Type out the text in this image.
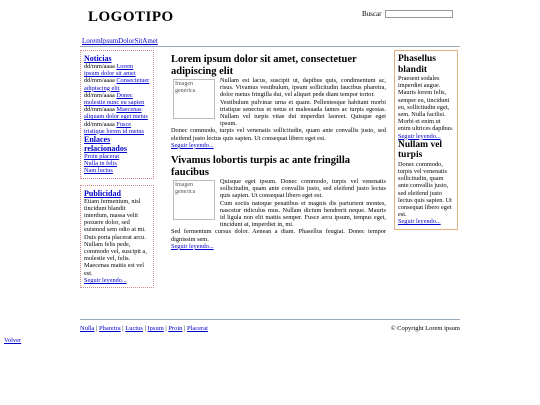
LOGOTIPO	Buscar
LoremIpsumDolorSitAmet
Noticias
dd/mm/aaaa Lorem ipsum dolor sit amet
dd/mm/aaaa Consectetuer adipiscing elit
dd/mm/aaaa Donec molestie nunc eu sapien
dd/mm/aaaa Maecenas aliquam dolor eget metus
dd/mm/aaaa Fusce tristique lorem id metus
Enlaces relacionados
Proin placerat
Nulla in felis
Nam luctus
Publicidad
Etiam fermentum, nisl tincidunt blandit interdum, massa velit posuere dolor, sed euismod sem odio at mi. Duis porta placerat arcu. Nullam felis pede, commodo vel, suscipit a, molestie vel, felis. Maecenas mattis est vel est.
Seguir leyendo...
Lorem ipsum dolor sit amet, consectetuer adipiscing elit
Imagen generica
Nullam est lacus, suscipit ut, dapibus quis, condimentum ac, risus. Vivamus vestibulum, ipsum sollicitudin faucibus pharetra, dolor metus fringilla dui, vel aliquet pede diam tempor tortor.
Vestibulum pulvinar urna et quam. Pellentesque habitant morbi tristique senectus et netus et malesuada fames ac turpis egestas. Nullam vel turpis vitae dui imperdiet laoreet. Quisque eget ipsum.
Donec commodo, turpis vel venenatis sollicitudin, quam ante convallis justo, sed eleifend justo lectus quis sapien. Ut consequat libero eget est.
Seguir leyendo...
Vivamus lobortis turpis ac ante fringilla faucibus
Imagen generica
Quisque eget ipsum. Donec commodo, turpis vel venenatis sollicitudin, quam ante convallis justo, sed eleifend justo lectus quis sapien. Ut consequat libero eget est.
Cum sociis natoque penatibus et magnis dis parturient montes, nascetur ridiculus mus. Nullam dictum hendrerit neque. Mauris id ligula non elit mattis semper. Fusce arcu ipsum, tempus eget, tincidunt at, imperdiet in, mi.
Sed fermentum cursus dolor. Aenean a diam. Phasellus feugiat. Donec tempor dignissim sem.
Seguir leyendo...
Phasellus blandit
Praesent sodales imperdiet augue. Mauris lorem felis, semper eu, tincidunt eu, sollicitudin eget, sem. Nulla facilisi. Morbi et enim ut enim ultrices dapibus.
Seguir leyendo...
Nullam vel turpis
Donec commodo, turpis vel venenatis sollicitudin, quam ante convallis justo, sed eleifend justo lectus quis sapien. Ut consequat libero eget est.
Seguir leyendo...
Nulla | Pharetra | Luctus | Ipsum | Proin | Placerat	© Copyright Lorem ipsum
Volver
